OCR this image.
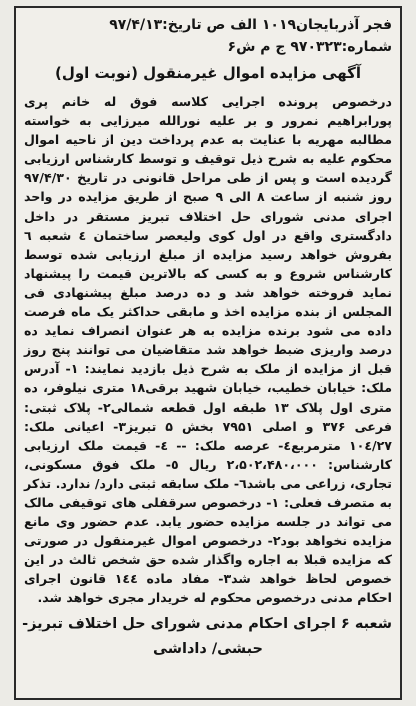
فجر آذربایجان۱۰۱۹ الف ص تاریخ:۹۷/۴/۱۳
شماره:۹۷۰۳۲۳ ج م ش۶
آگهی مزایده اموال غیرمنقول (نوبت اول)

درخصوص پرونده اجرایی کلاسه فوق له خانم پری پورابراهیم نمرور و بر علیه نورالله میرزایی به خواسته مطالبه مهریه با عنایت به عدم پرداخت دین از ناحیه اموال محکوم علیه به شرح ذیل توقیف و توسط کارشناس ارزیابی گردیده است و پس از طی مراحل قانونی در تاریخ ۹۷/۴/۳۰ روز شنبه از ساعت ۸ الی ۹ صبح از طریق مزایده در واحد اجرای مدنی شورای حل اختلاف تبریز مستقر در داخل دادگستری واقع در اول کوی ولیعصر ساختمان ٤ شعبه ٦ بفروش خواهد رسید مزایده از مبلغ ارزیابی شده توسط کارشناس شروع و به کسی که بالاترین قیمت را پیشنهاد نماید فروخته خواهد شد و ده درصد مبلغ پیشنهادی فی المجلس از بنده مزایده اخذ و مابقی حداکثر یک ماه فرصت داده می شود برنده مزایده به هر عنوان انصراف نماید ده درصد واریزی ضبط خواهد شد متقاضیان می توانند پنج روز قبل از مزایده از ملک به شرح ذیل بازدید نمایند: ۱- آدرس ملک: خیابان خطیب، خیابان شهید برقی۱۸ متری نیلوفر، ده متری اول پلاک ۱۳ طبقه اول قطعه شمالی۲- پلاک ثبتی: فرعی ۳۷۶ و اصلی ۷۹۵۱ بخش ۵ تبریز۳- اعیانی ملک: ۱۰٤/۲۷ مترمربع٤- عرصه ملک: -- ٤- قیمت ملک ارزیابی کارشناس: ۲،۵۰۲،۴۸۰،۰۰۰ ریال ٥- ملک فوق مسکونی، تجاری، زراعی می باشد٦- ملک سابقه ثبتی دارد/ ندارد. تذکر به متصرف فعلی: ۱- درخصوص سرقفلی های توقیفی مالک می تواند در جلسه مزایده حضور یابد. عدم حضور وی مانع مزایده نخواهد بود۲- درخصوص اموال غیرمنقول در صورتی که مزایده قبلا به اجاره واگذار شده حق شخص ثالث در این خصوص لحاظ خواهد شد۳- مفاد ماده ۱٤٤ قانون اجرای احکام مدنی درخصوص محکوم له خریدار مجری خواهد شد.

شعبه ۶ اجرای احکام مدنی شورای حل اختلاف تبریز-
حبشی/ داداشی
